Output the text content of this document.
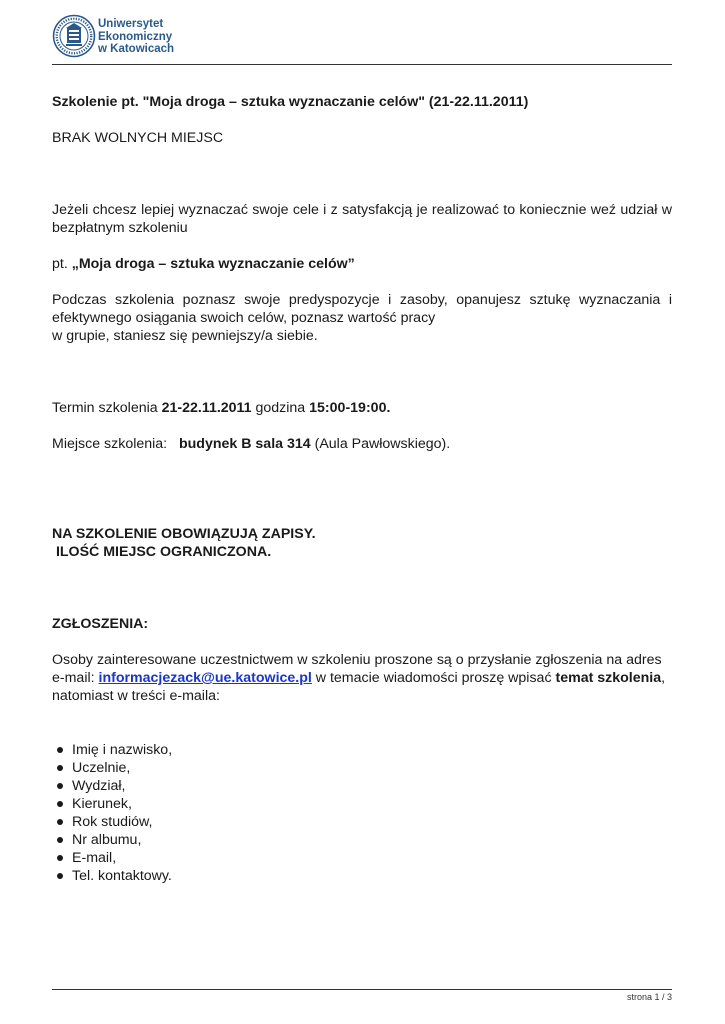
Uniwersytet
Ekonomiczny
w Katowicach

Szkolenie pt. "Moja droga – sztuka wyznaczanie celów" (21-22.11.2011)

BRAK WOLNYCH MIEJSC

Jeżeli chcesz lepiej wyznaczać swoje cele i z satysfakcją je realizować to koniecznie weź udział w bezpłatnym szkoleniu

pt. „Moja droga – sztuka wyznaczanie celów”

Podczas szkolenia poznasz swoje predyspozycje i zasoby, opanujesz sztukę wyznaczania i efektywnego osiągania swoich celów, poznasz wartość pracy

w grupie, staniesz się pewniejszy/a siebie.

Termin szkolenia 21-22.11.2011 godzina 15:00-19:00.

Miejsce szkolenia:   budynek B sala 314 (Aula Pawłowskiego).

NA SZKOLENIE OBOWIĄZUJĄ ZAPISY.

ILOŚĆ MIEJSC OGRANICZONA.

ZGŁOSZENIA:

Osoby zainteresowane uczestnictwem w szkoleniu proszone są o przysłanie zgłoszenia na adres e-mail: informacjezack@ue.katowice.pl w temacie wiadomości proszę wpisać temat szkolenia, natomiast w treści e-maila:

Imię i nazwisko,
Uczelnie,
Wydział,
Kierunek,
Rok studiów,
Nr albumu,
E-mail,
Tel. kontaktowy.
strona 1 / 3
